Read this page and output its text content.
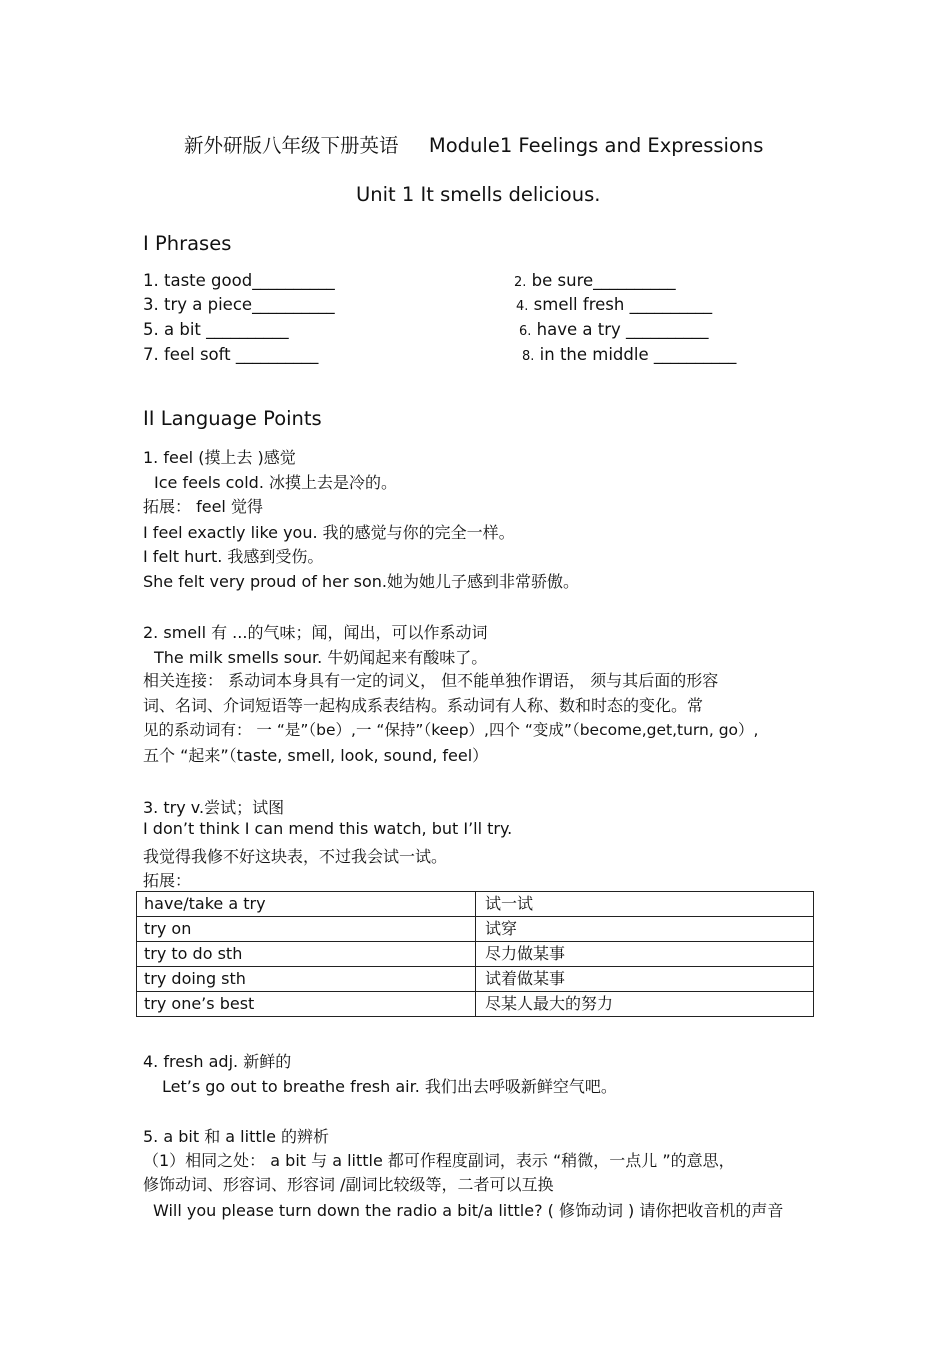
新外研版八年级下册英语 Module1 Feelings and Expressions
Unit 1 It smells delicious.
I Phrases
1. taste good__________	2. be sure__________
3. try a piece__________	4. smell fresh __________
5. a bit __________	6. have a try __________
7. feel soft __________	8. in the middle __________
II Language Points
1. feel (摸上去 )感觉
Ice feels cold. 冰摸上去是冷的。
拓展： feel 觉得
I feel exactly like you. 我的感觉与你的完全一样。
I felt hurt. 我感到受伤。
She felt very proud of her son.她为她儿子感到非常骄傲。
2. smell 有 ...的气味；闻，闻出，可以作系动词
The milk smells sour. 牛奶闻起来有酸味了。
相关连接： 系动词本身具有一定的词义， 但不能单独作谓语， 须与其后面的形容
词、名词、介词短语等一起构成系表结构。系动词有人称、数和时态的变化。常
见的系动词有： 一 “是”（be）,一 “保持”（keep）,四个 “变成”（become,get,turn, go）,
五个 “起来”（taste, smell, look, sound, feel）
3. try v.尝试；试图
I don’t think I can mend this watch, but I’ll try.
我觉得我修不好这块表，不过我会试一试。
拓展：
have/take a try	试一试
try on	试穿
try to do sth	尽力做某事
try doing sth	试着做某事
try one’s best	尽某人最大的努力
4. fresh adj. 新鲜的
Let’s go out to breathe fresh air. 我们出去呼吸新鲜空气吧。
5. a bit 和 a little 的辨析
（1）相同之处： a bit 与 a little 都可作程度副词，表示 “稍微，一点儿 ”的意思，
修饰动词、形容词、形容词 /副词比较级等，二者可以互换
Will you please turn down the radio a bit/a little? ( 修饰动词 ) 请你把收音机的声音
